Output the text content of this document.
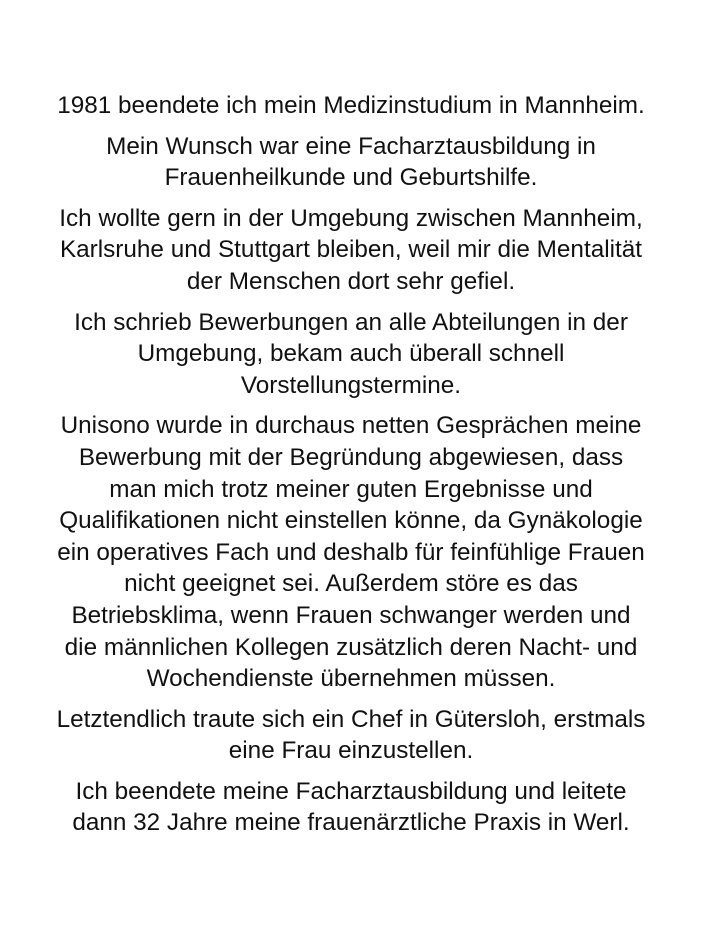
1981 beendete ich mein Medizinstudium in Mannheim.

Mein Wunsch war eine Facharztausbildung in
Frauenheilkunde und Geburtshilfe.

Ich wollte gern in der Umgebung zwischen Mannheim,
Karlsruhe und Stuttgart bleiben, weil mir die Mentalität
der Menschen dort sehr gefiel.

Ich schrieb Bewerbungen an alle Abteilungen in der
Umgebung, bekam auch überall schnell
Vorstellungstermine.

Unisono wurde in durchaus netten Gesprächen meine
Bewerbung mit der Begründung abgewiesen, dass
man mich trotz meiner guten Ergebnisse und
Qualifikationen nicht einstellen könne, da Gynäkologie
ein operatives Fach und deshalb für feinfühlige Frauen
nicht geeignet sei. Außerdem störe es das
Betriebsklima, wenn Frauen schwanger werden und
die männlichen Kollegen zusätzlich deren Nacht- und
Wochendienste übernehmen müssen.

Letztendlich traute sich ein Chef in Gütersloh, erstmals
eine Frau einzustellen.

Ich beendete meine Facharztausbildung und leitete
dann 32 Jahre meine frauenärztliche Praxis in Werl.
